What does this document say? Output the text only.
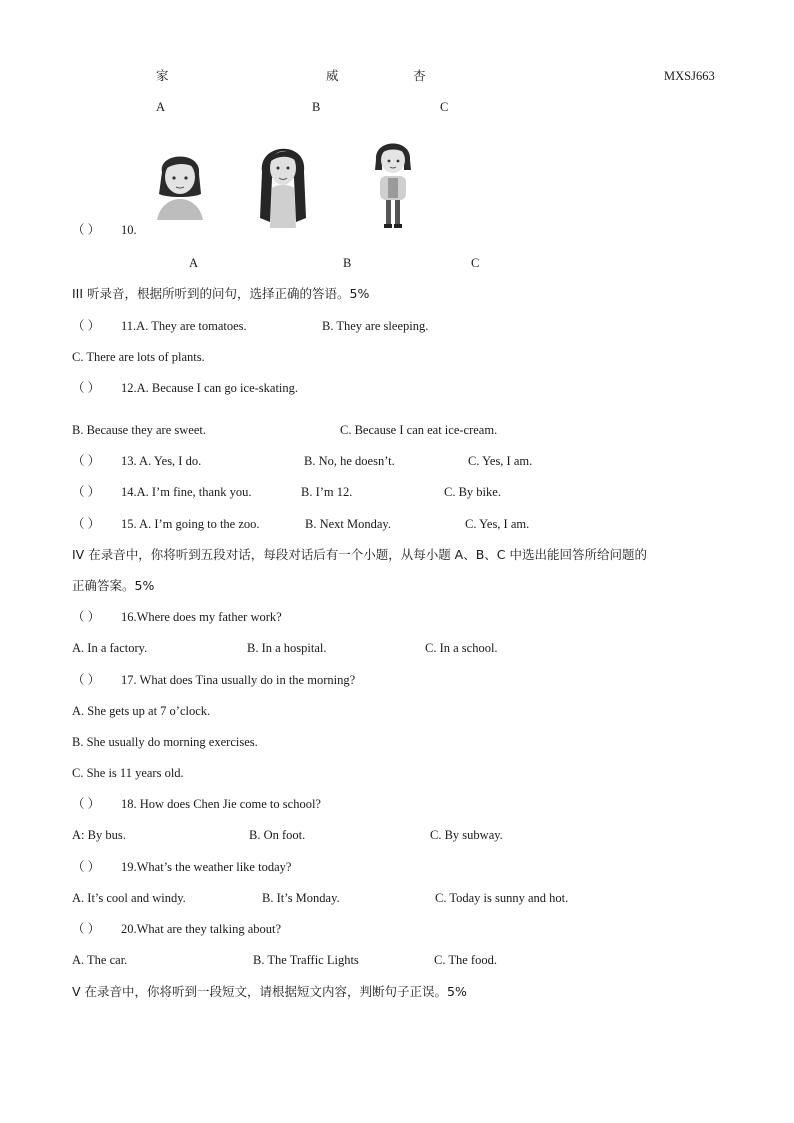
家	威	杏	MXSJ663
A	B	C
（ ） 10.
A	B	C
III 听录音，根据所听到的问句，选择正确的答语。5%
（ ） 11.A. They are tomatoes.	B. They are sleeping.
C. There are lots of plants.
（ ） 12.A. Because I can go ice-skating.
B. Because they are sweet.	C. Because I can eat ice-cream.
（ ） 13. A. Yes, I do.	B. No, he doesn’t.	C. Yes, I am.
（ ） 14.A. I’m fine, thank you.	B. I’m 12.	C. By bike.
（ ） 15. A. I’m going to the zoo.	B. Next Monday.	C. Yes, I am.
IV 在录音中，你将听到五段对话，每段对话后有一个小题，从每小题 A、B、C 中选出能回答所给问题的
正确答案。5%
（ ） 16.Where does my father work?
A. In a factory.	B. In a hospital.	C. In a school.
（ ） 17. What does Tina usually do in the morning?
A. She gets up at 7 o’clock.
B. She usually do morning exercises.
C. She is 11 years old.
（ ） 18. How does Chen Jie come to school?
A: By bus.	B. On foot.	C. By subway.
（ ） 19.What’s the weather like today?
A. It’s cool and windy.	B. It’s Monday.	C. Today is sunny and hot.
（ ） 20.What are they talking about?
A. The car.	B. The Traffic Lights	C. The food.
V 在录音中，你将听到一段短文，请根据短文内容，判断句子正误。5%
